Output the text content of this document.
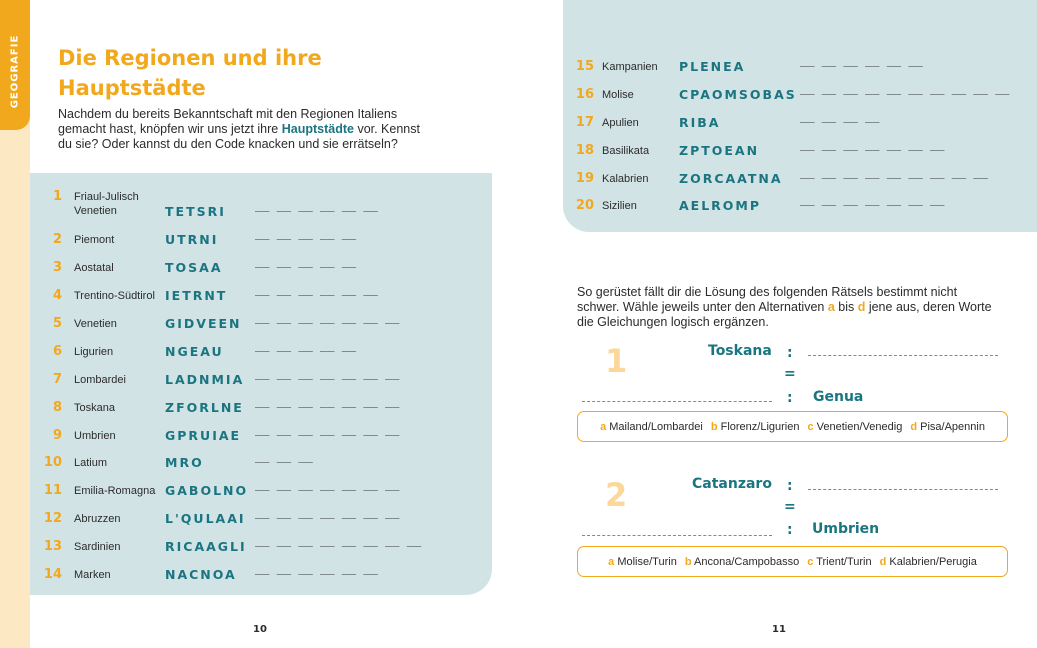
GEOGRAFIE Die Regionen und ihre Hauptstädte
Nachdem du bereits Bekanntschaft mit den Regionen Italiens gemacht hast, knöpfen wir uns jetzt ihre Hauptstädte vor. Kennst du sie? Oder kannst du den Code knacken und sie errätseln?
1 Friaul-Julisch Venetien	TETSRI __ __ __ __ __ __
2 Piemont	UTRNI	__ __ __ __ __
3 Aostatal	TOSAA	__ __ __ __ __
4 Trentino-Südtirol IETRNT __ __ __ __ __ __
5 Venetien	GIDVEEN __ __ __ __ __ __ __
6 Ligurien	NGEAU	__ __ __ __ __
7 Lombardei	LADNMIA __ __ __ __ __ __ __
8 Toskana	ZFORLNE __ __ __ __ __ __ __
9 Umbrien	GPRUIAE __ __ __ __ __ __ __
10 Latium	MRO	__ __ __
11 Emilia-Romagna GABOLNO __ __ __ __ __ __ __
12 Abruzzen	L'QULAAI __ __ __ __ __ __ __
13 Sardinien	RICAAGLI __ __ __ __ __ __ __ __
14 Marken	NACNOA __ __ __ __ __ __
15 Kampanien	PLENEA	__ __ __ __ __ __
16 Molise	CPAOMSOBAS __ __ __ __ __ __ __ __ __ __
17 Apulien	RIBA	__ __ __ __
18 Basilikata	ZPTOEAN	__ __ __ __ __ __ __
19 Kalabrien	ZORCAATNA __ __ __ __ __ __ __ __ __
20 Sizilien	AELROMP	__ __ __ __ __ __ __
So gerüstet fällt dir die Lösung des folgenden Rätsels bestimmt nicht schwer. Wähle jeweils unter den Alternativen a bis d jene aus, deren Worte die Gleichungen logisch ergänzen.
1	Toskana :
=
: Genua
a Mailand/Lombardei b Florenz/Ligurien c Venetien/Venedig d Pisa/Apennin
2	Catanzaro :
=
: Umbrien
a Molise/Turin b Ancona/Campobasso c Trient/Turin d Kalabrien/Perugia
10	11
